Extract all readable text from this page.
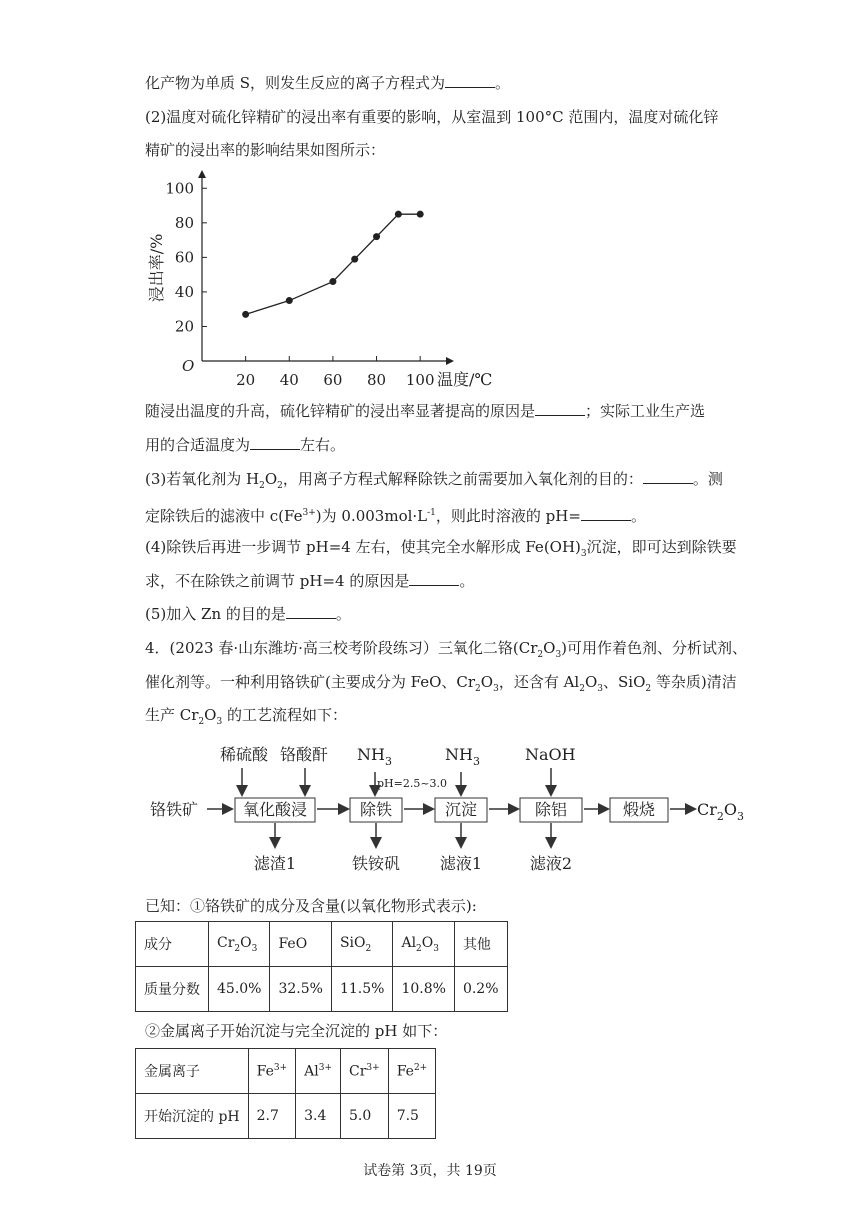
化产物为单质 S，则发生反应的离子方程式为	。
(2)温度对硫化锌精矿的浸出率有重要的影响，从室温到 100°C 范围内，温度对硫化锌
精矿的浸出率的影响结果如图所示：
O
20
40
60
80
100
20 40 60 80 100 温度/℃
浸出率/%
随浸出温度的升高，硫化锌精矿的浸出率显著提高的原因是	；实际工业生产选
用的合适温度为	左右。
(3)若氧化剂为 $H_2O_2$，用离子方程式解释除铁之前需要加入氧化剂的目的：	。测
定除铁后的滤液中 $c(Fe^{3+})$为 $0.003mol\cdot L^{-1}$，则此时溶液的 pH=	。
(4)除铁后再进一步调节 pH=4 左右，使其完全水解形成 $Fe(OH)_3$沉淀，即可达到除铁要
求，不在除铁之前调节 pH=4 的原因是	。
(5)加入 Zn 的目的是	。
4．(2023 春·山东潍坊·高三校考阶段练习）三氧化二铬$(Cr_2O_3)$可用作着色剂、分析试剂、
催化剂等。一种利用铬铁矿(主要成分为 FeO、$Cr_2O_3$，还含有 $Al_2O_3$、SiO$_2$ 等杂质)清洁
生产 $Cr_2O_3$ 的工艺流程如下：
稀硫酸 铬酸酐 $NH_3$	$NH_3$	NaOH
pH=2.5~3.0
铬铁矿	氧化酸浸	除铁	沉淀	除铝	煅烧	$Cr_2O_3$
滤渣1	铁铵矾 滤液1	滤液2
已知：①铬铁矿的成分及含量(以氧化物形式表示):
成分	$Cr_2O_3$	FeO	SiO$_2$	$Al_2O_3$	其他
质量分数	45.0%	32.5%	11.5%	10.8%	0.2%
②金属离子开始沉淀与完全沉淀的 pH 如下：
金属离子	$Fe^{3+}$	$Al^{3+}$	$Cr^{3+}$	$Fe^{2+}$
开始沉淀的 pH	2.7	3.4	5.0	7.5
试卷第 3页，共 19页
